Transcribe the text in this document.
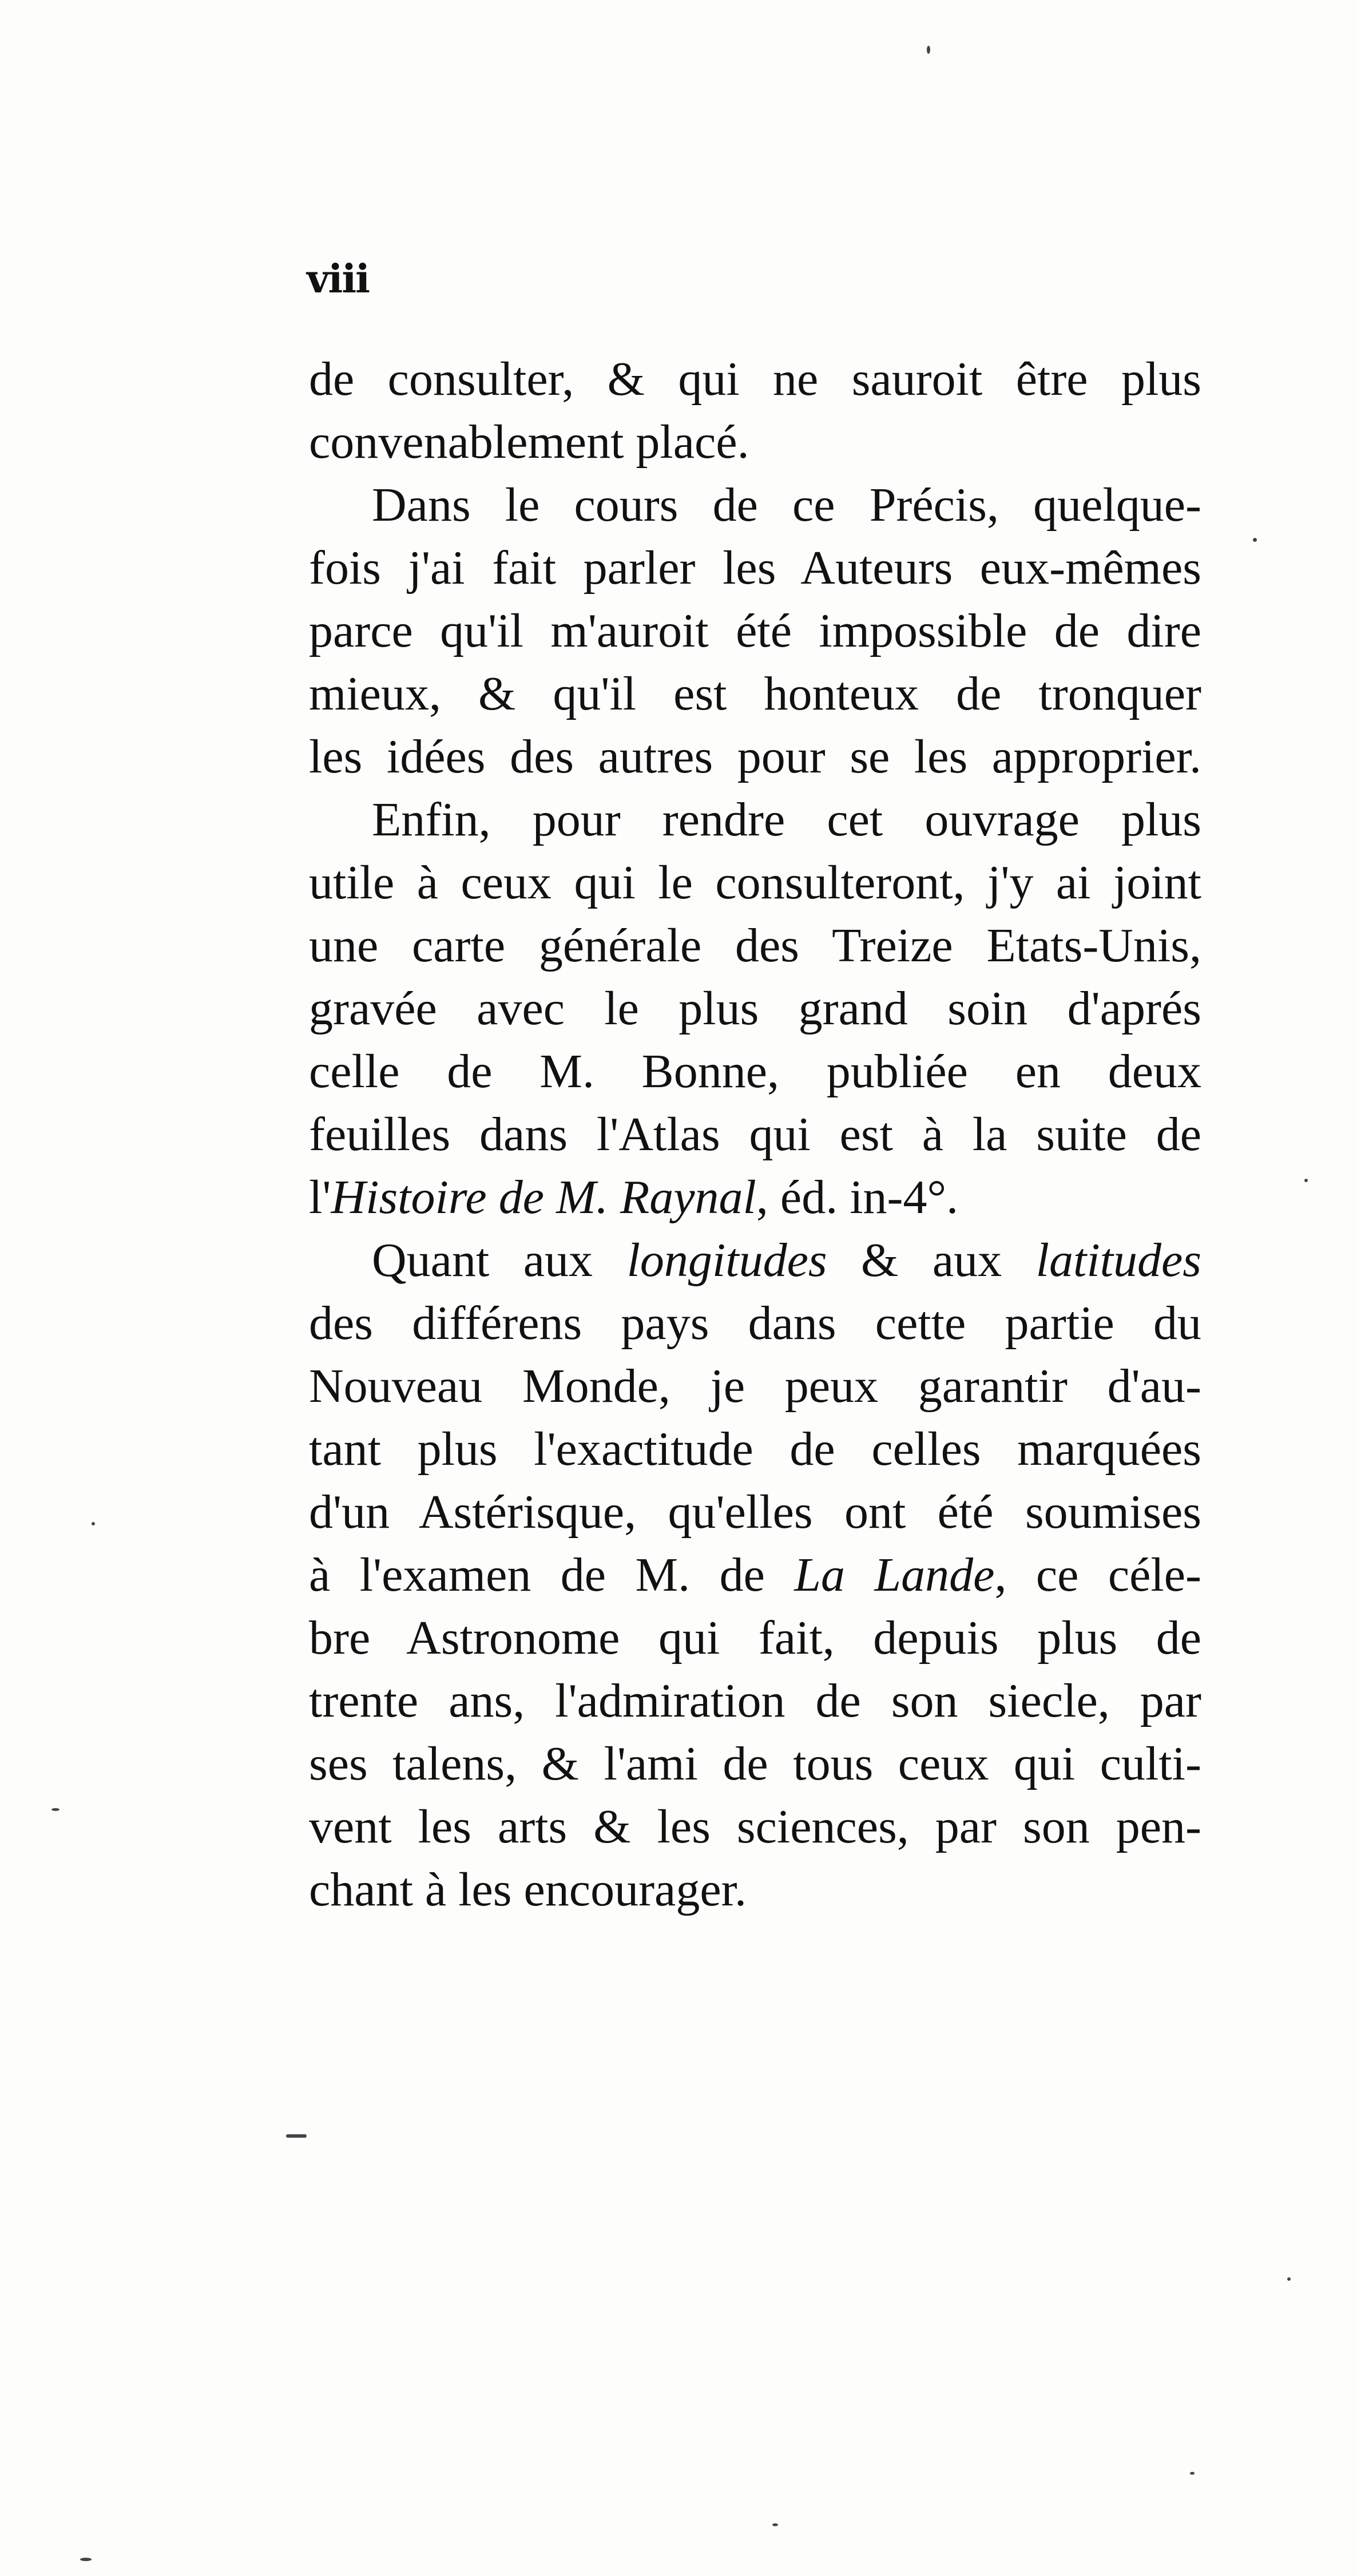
viii
de consulter, & qui ne sauroit être plus
convenablement placé.
Dans le cours de ce Précis, quelque-
fois j'ai fait parler les Auteurs eux-mêmes
parce qu'il m'auroit été impossible de dire
mieux, & qu'il est honteux de tronquer
les idées des autres pour se les approprier.
Enfin, pour rendre cet ouvrage plus
utile à ceux qui le consulteront, j'y ai joint
une carte générale des Treize Etats-Unis,
gravée avec le plus grand soin d'aprés
celle de M. Bonne, publiée en deux
feuilles dans l'Atlas qui est à la suite de
l'Histoire de M. Raynal, éd. in-4°.
Quant aux longitudes & aux latitudes
des différens pays dans cette partie du
Nouveau Monde, je peux garantir d'au-
tant plus l'exactitude de celles marquées
d'un Astérisque, qu'elles ont été soumises
à l'examen de M. de La Lande, ce céle-
bre Astronome qui fait, depuis plus de
trente ans, l'admiration de son siecle, par
ses talens, & l'ami de tous ceux qui culti-
vent les arts & les sciences, par son pen-
chant à les encourager.
